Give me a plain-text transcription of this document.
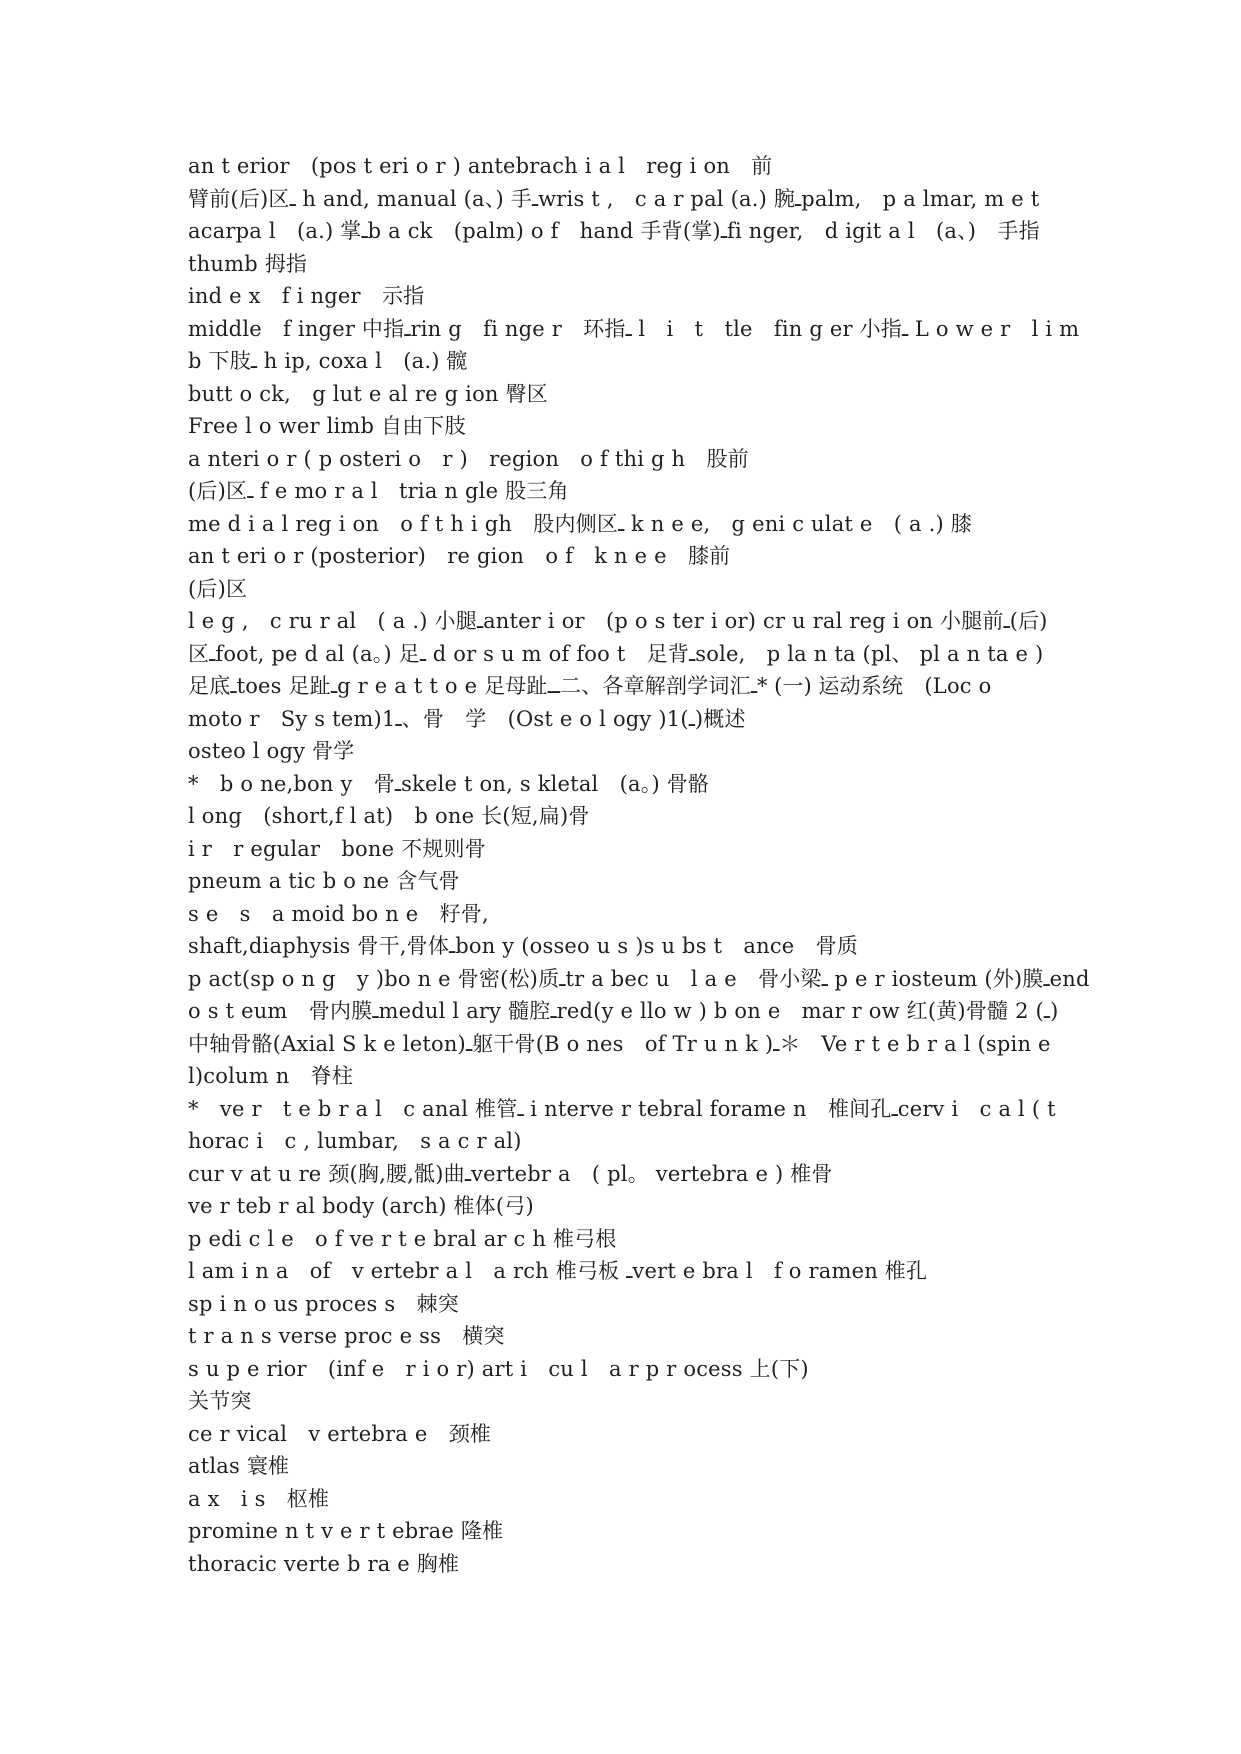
an t erior　(pos t eri o r ) antebrach i a l　reg i on　前
臂前(后)区ـ h and, manual (a、) 手ـwris t ,　c a r pal (a.) 腕ـpalm,　p a lmar, m e t
acarpa l　(a.) 掌ـb a ck　(palm) o f　hand 手背(掌)ـfi nger,　d igit a l　(a、)　手指
thumb 拇指
ind e x　f i nger　示指
middle　f inger 中指ـrin g　fi nge r　环指ـ l　i　t　tle　fin g er 小指ـ L o w e r　l i m
b 下肢ـ h ip, coxa l　(a.) 髋
butt o ck,　g lut e al re g ion 臀区
Free l o wer limb 自由下肢
a nteri o r ( p osteri o　r )　region　o f thi g h　股前
(后)区ـ f e mo r a l　tria n gle 股三角
me d i a l reg i on　o f t h i gh　股内侧区ـ k n e e,　g eni c ulat e　( a .) 膝
an t eri o r (posterior)　re gion　o f　k n e e　膝前
(后)区
l e g ,　c ru r al　( a .) 小腿ـanter i or　(p o s ter i or) cr u ral reg i on 小腿前ـ(后)
区ـfoot, pe d al (a。) 足ـ d or s u m of foo t　足背ـsole,　p la n ta (pl、 pl a n ta e )
足底ـtoes 足趾ـg r e a t t o e 足母趾ــ二、各章解剖学词汇ـ* (一) 运动系统　(Loc o
moto r　Sy s tem)1ـ、骨　学　(Ost e o l ogy )1(ـ)概述
osteo l ogy 骨学
*　b o ne,bon y　骨ـskele t on, s kletal　(a。) 骨骼
l ong　(short,f l at)　b one 长(短,扁)骨
i r　r egular　bone 不规则骨
pneum a tic b o ne 含气骨
s e　s　a moid bo n e　籽骨,
shaft,diaphysis 骨干,骨体ـbon y (osseo u s )s u bs t　ance　骨质
p act(sp o n g　y )bo n e 骨密(松)质ـtr a bec u　l a e　骨小梁ـ p e r iosteum (外)膜ـend
o s t eum　骨内膜ـmedul l ary 髓腔ـred(y e llo w ) b on e　mar r ow 红(黄)骨髓 2 (ـ)
中轴骨骼(Axial S k e leton)ـ躯干骨(B o nes　of Tr u n k )ـ＊　Ve r t e b r a l (spin e
l)colum n　脊柱
*　ve r　t e b r a l　c anal 椎管ـ i nterve r tebral forame n　椎间孔ـcerv i　c a l ( t
horac i　c , lumbar,　s a c r al)
cur v at u re 颈(胸,腰,骶)曲ـvertebr a　( pl。 vertebra e ) 椎骨
ve r teb r al body (arch) 椎体(弓)
p edi c l e　o f ve r t e bral ar c h 椎弓根
l am i n a　of　v ertebr a l　a rch 椎弓板 ـvert e bra l　f o ramen 椎孔
sp i n o us proces s　棘突
t r a n s verse proc e ss　横突
s u p e rior　(inf e　r i o r) art i　cu l　a r p r ocess 上(下)
关节突
ce r vical　v ertebra e　颈椎
atlas 寰椎
a x　i s　枢椎
promine n t v e r t ebrae 隆椎
thoracic verte b ra e 胸椎
